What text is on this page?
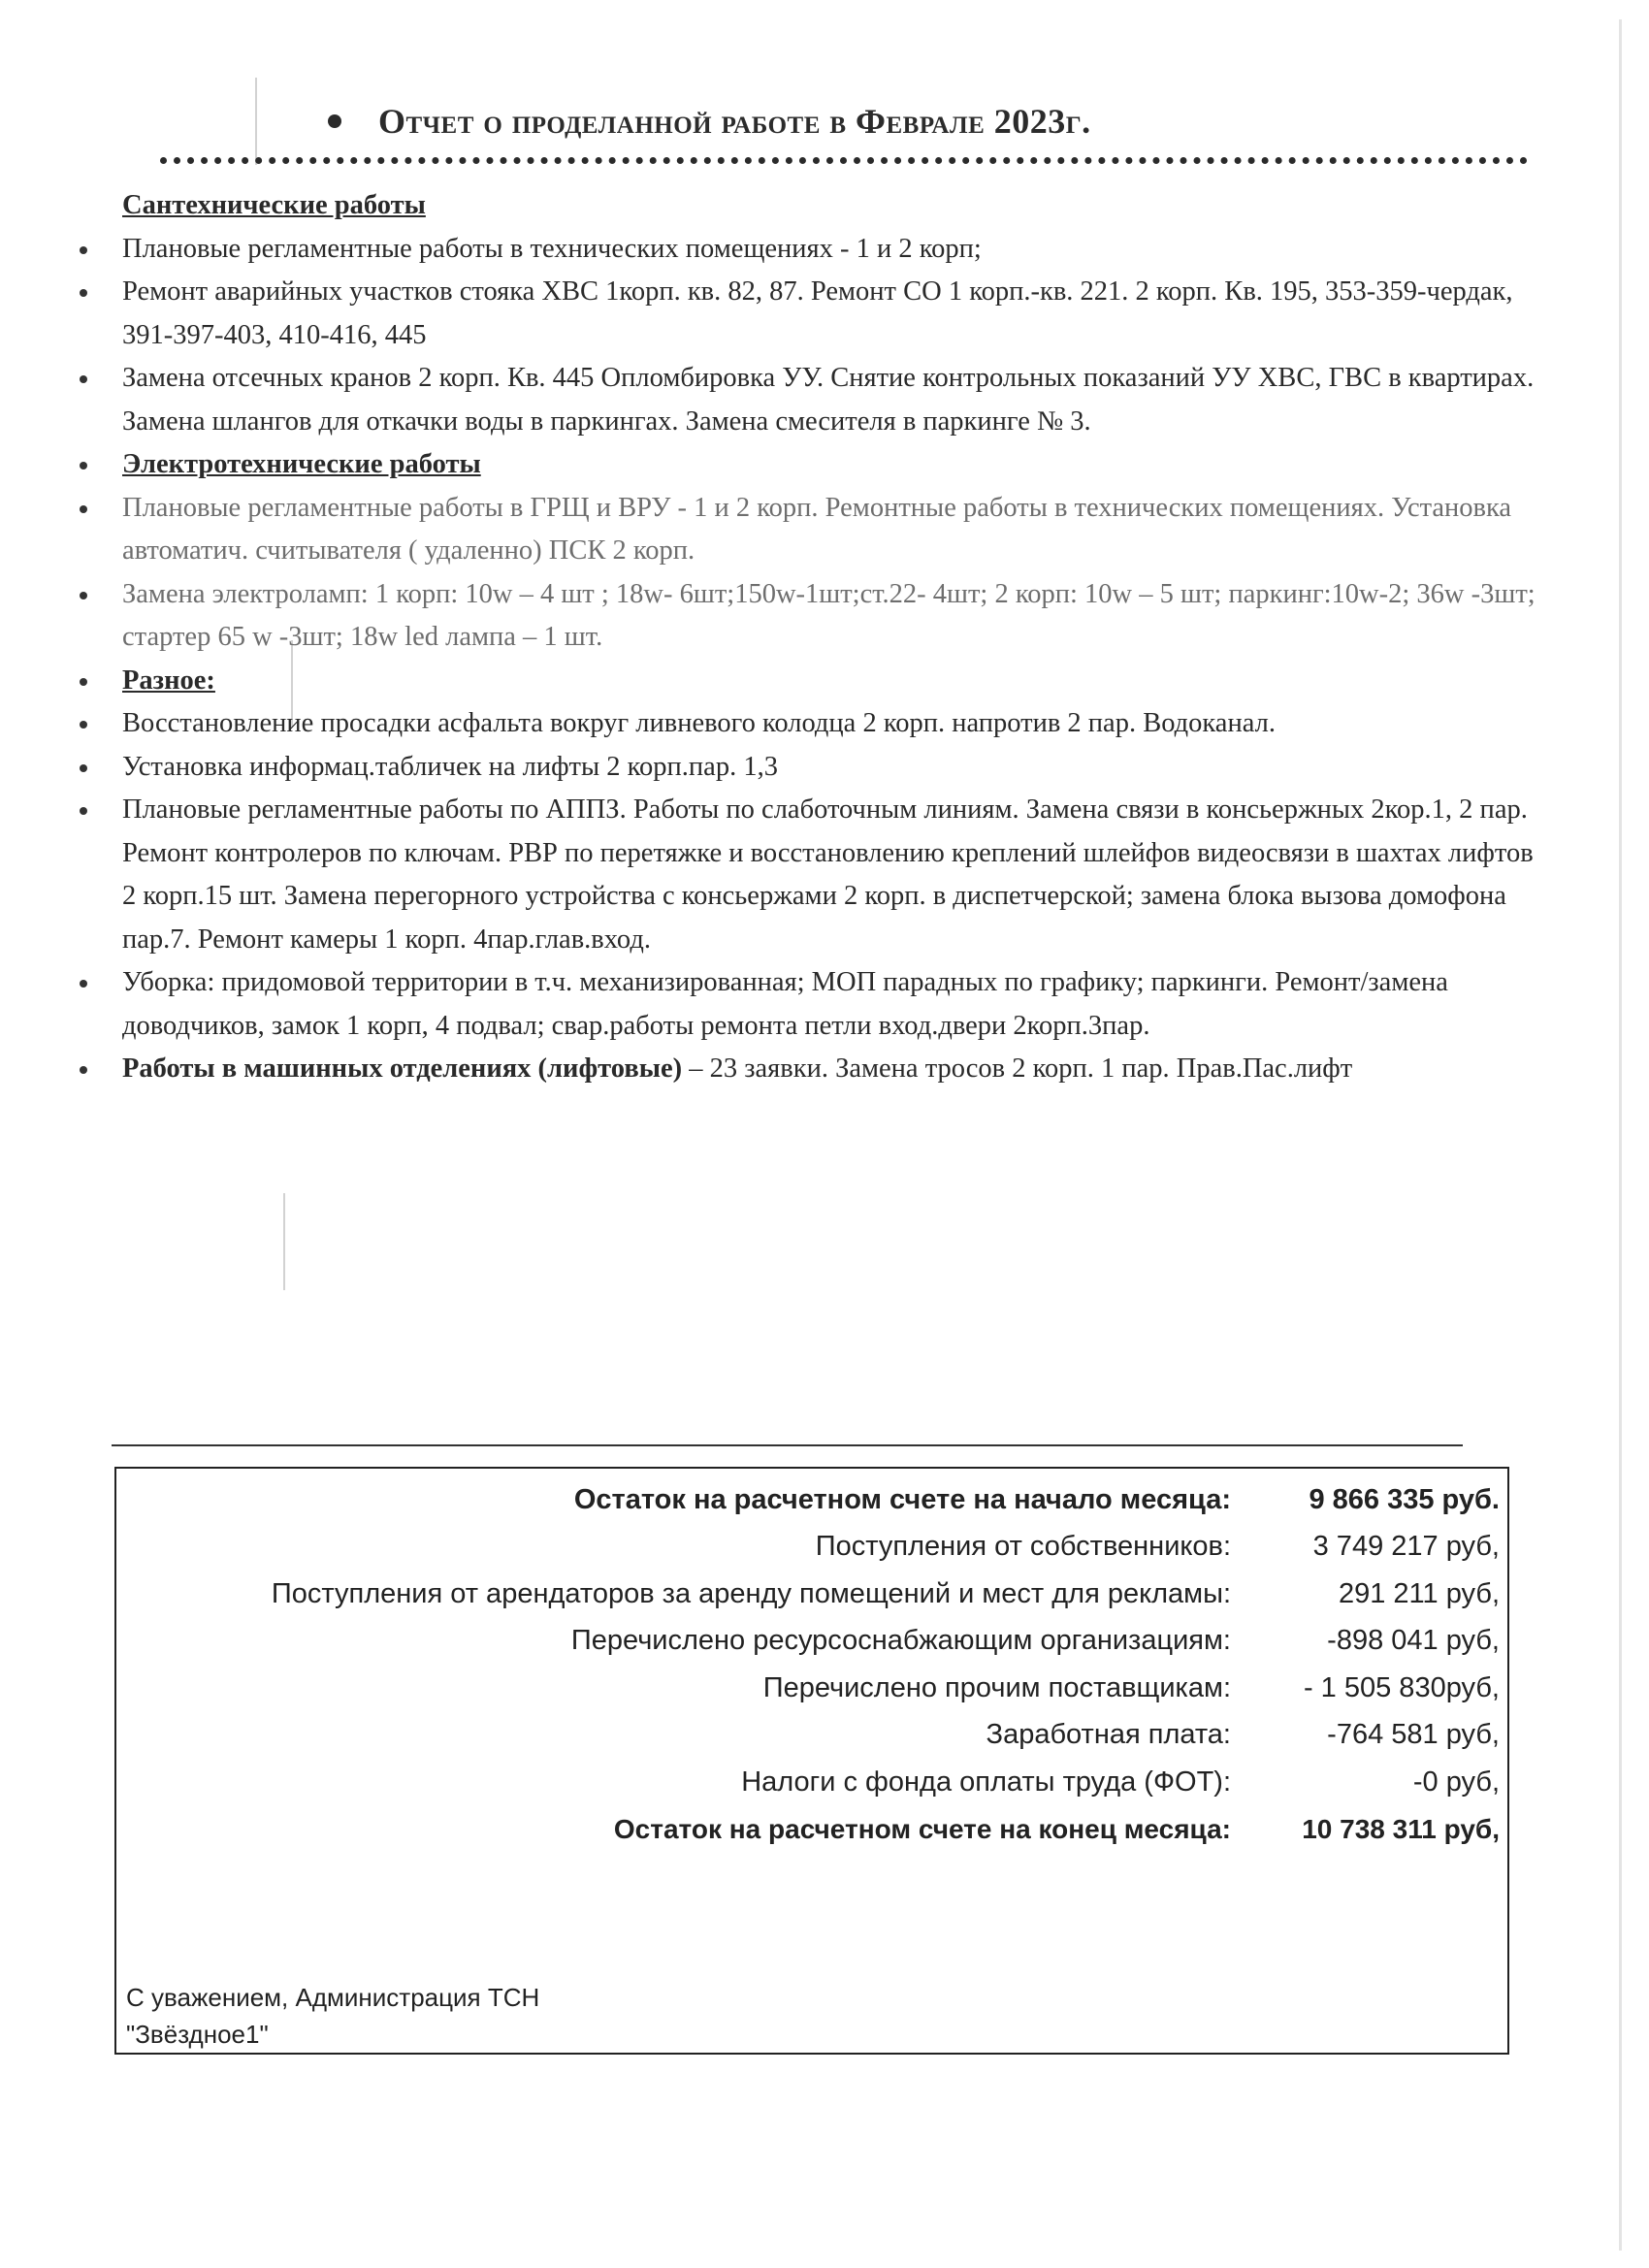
Отчет о проделанной работе в Феврале 2023г.
Сантехнические работы
Плановые регламентные работы в технических помещениях - 1 и 2 корп;
Ремонт аварийных участков стояка ХВС 1корп. кв. 82, 87. Ремонт СО 1 корп.-кв. 221. 2 корп. Кв. 195, 353-359-чердак, 391-397-403, 410-416, 445
Замена отсечных кранов 2 корп. Кв. 445 Опломбировка УУ. Снятие контрольных показаний УУ ХВС, ГВС в квартирах. Замена шлангов для откачки воды в паркингах. Замена смесителя в паркинге № 3.
Электротехнические работы
Плановые регламентные работы в ГРЩ и ВРУ - 1 и 2 корп. Ремонтные работы в технических помещениях. Установка автоматич. считывателя ( удаленно) ПСК 2 корп.
Замена электроламп: 1 корп: 10w – 4 шт ; 18w- 6шт;150w-1шт;ст.22- 4шт; 2 корп: 10w – 5 шт; паркинг:10w-2; 36w -3шт; стартер 65 w -3шт; 18w led лампа – 1 шт.
Разное:
Восстановление просадки асфальта вокруг ливневого колодца 2 корп. напротив 2 пар. Водоканал.
Установка информац.табличек на лифты 2 корп.пар. 1,3
Плановые регламентные работы по АППЗ. Работы по слаботочным линиям. Замена связи в консьержных 2кор.1, 2 пар. Ремонт контролеров по ключам. РВР по перетяжке и восстановлению креплений шлейфов видеосвязи в шахтах лифтов 2 корп.15 шт. Замена перегорного устройства с консьержами 2 корп. в диспетчерской; замена блока вызова домофона пар.7. Ремонт камеры 1 корп. 4пар.глав.вход.
Уборка: придомовой территории в т.ч. механизированная; МОП парадных по графику; паркинги. Ремонт/замена доводчиков, замок 1 корп, 4 подвал; свар.работы ремонта петли вход.двери 2корп.3пар.
Работы в машинных отделениях (лифтовые) – 23 заявки. Замена тросов 2 корп. 1 пар. Прав.Пас.лифт
Остаток на расчетном счете на начало месяца:	9 866 335 руб.
Поступления от собственников:	3 749 217 руб,
Поступления от арендаторов за аренду помещений и мест для рекламы:	291 211 руб,
Перечислено ресурсоснабжающим организациям:	-898 041 руб,
Перечислено прочим поставщикам:	- 1 505 830руб,
Заработная плата:	-764 581 руб,
Налоги с фонда оплаты труда (ФОТ):	-0 руб,
Остаток на расчетном счете на конец месяца:	10 738 311 руб,
С уважением, Администрация ТСН
"Звёздное1"
